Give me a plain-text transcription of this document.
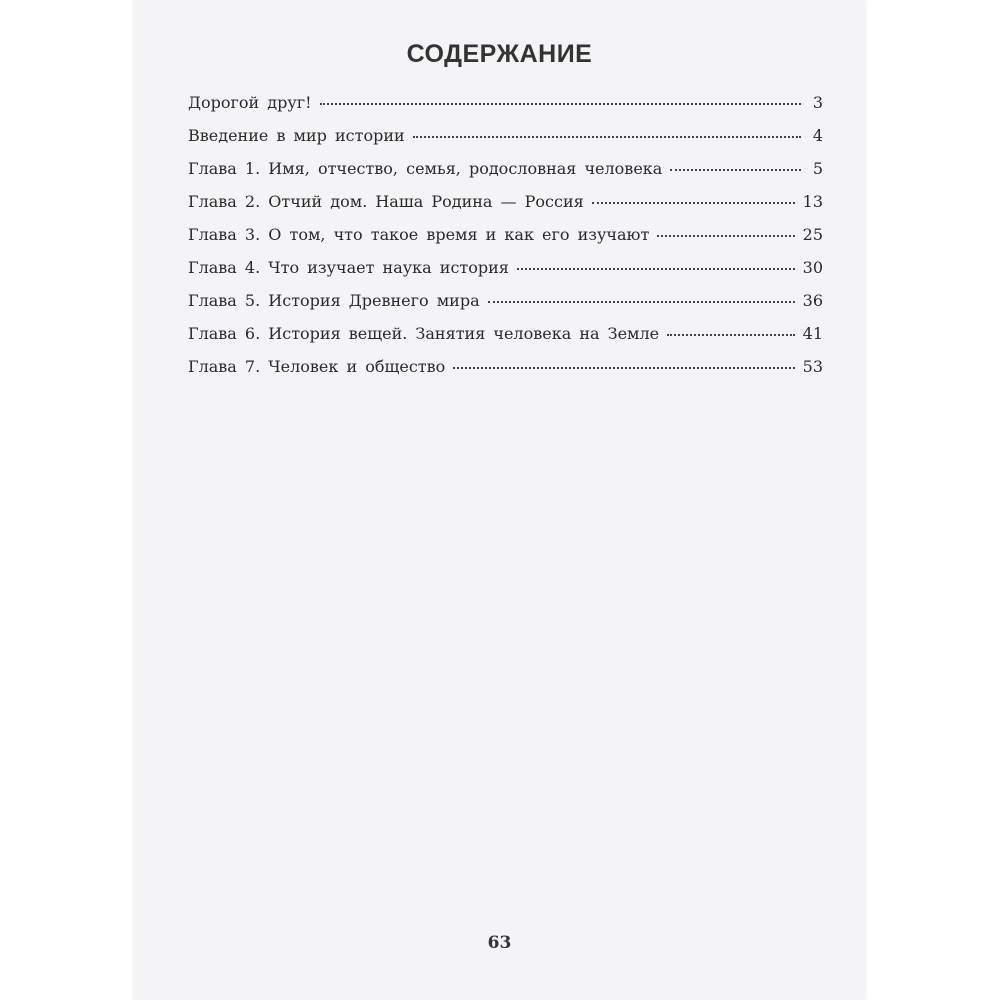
СОДЕРЖАНИЕ
Дорогой друг!	3
Введение в мир истории	4
Глава 1. Имя, отчество, семья, родословная человека	5
Глава 2. Отчий дом. Наша Родина — Россия	13
Глава 3. О том, что такое время и как его изучают	25
Глава 4. Что изучает наука история	30
Глава 5. История Древнего мира	36
Глава 6. История вещей. Занятия человека на Земле	41
Глава 7. Человек и общество	53
63
